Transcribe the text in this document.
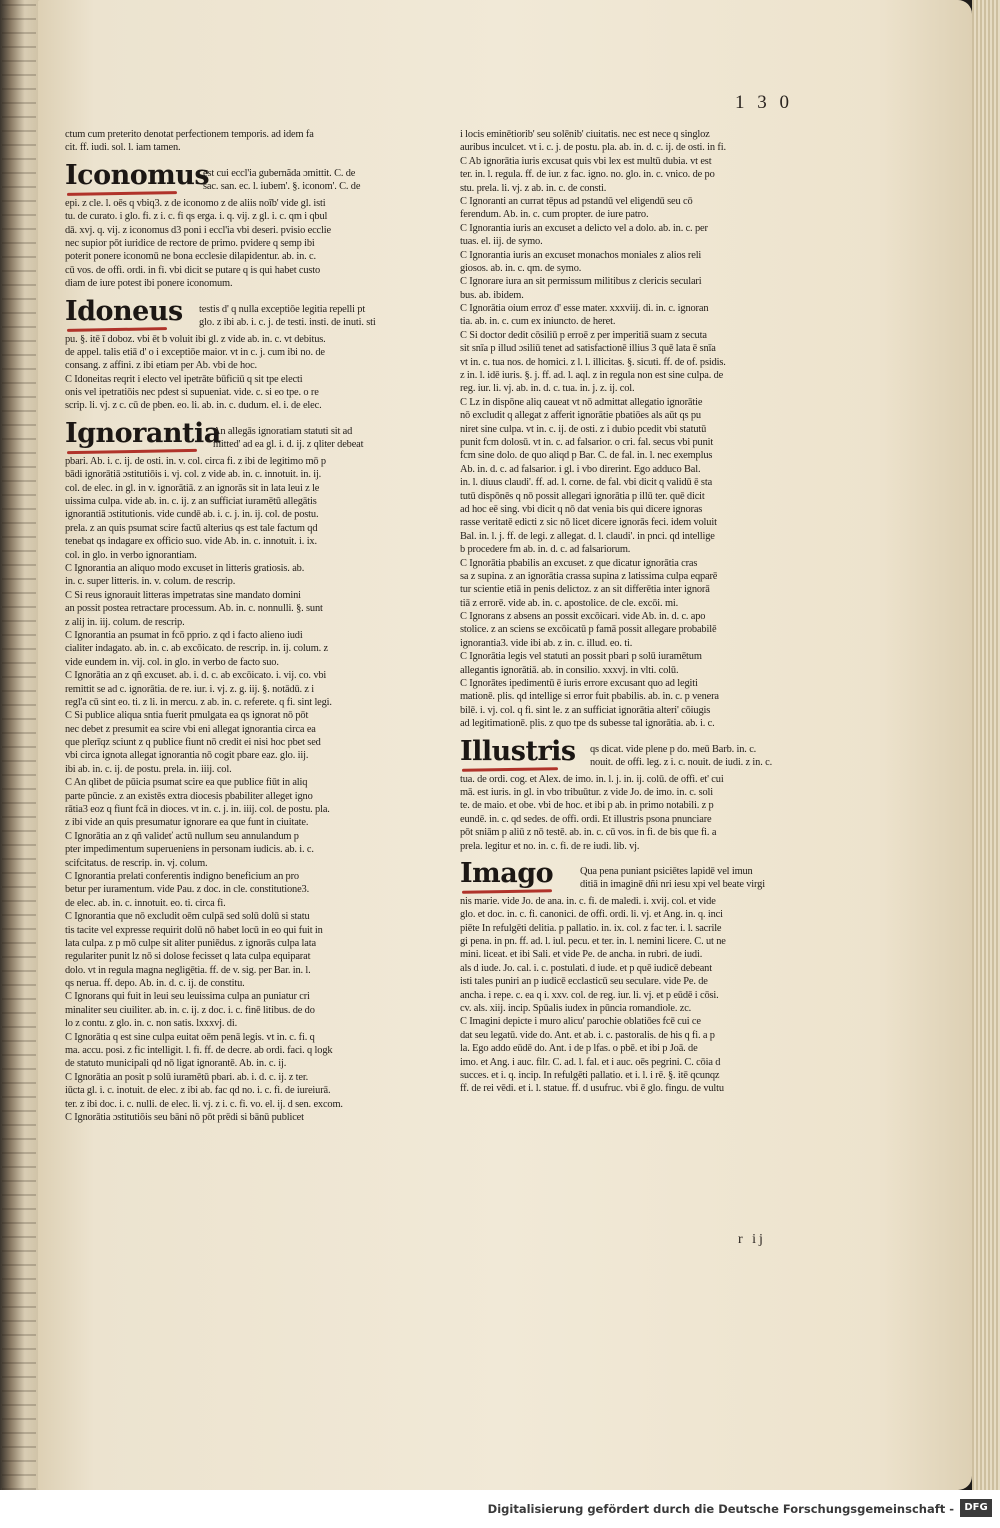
1 3 0
ctum cum preterito denotat perfectionem temporis. ad idem fa
cit. ff. iudi. sol. l. iam tamen.
Iconomus
est cui eccl'ia gubernãda ɔmittit. C. de
sac. san. ec. l. iubem'. §. iconom'. C. de
epi. z cle. l. oēs q vbiq3. z de iconomo z de aliis noīb' vide gl. isti
tu. de curato. i glo. fi. z i. c. fi qs erga. i. q. vij. z gl. i. c. qm i qbul
dā. xvj. q. vij. z iconomus d3 poni i eccl'ia vbi deseri. pvisio ecclie
nec supior pōt iuridice de rectore de primo. pvidere q semp ibi
poterit ponere iconomū ne bona ecclesie dilapidentur. ab. in. c.
cū vos. de offi. ordi. in fi. vbi dicit se putare q is qui habet custo
diam de iure potest ibi ponere iconomum.
Idoneus testis d' q nulla exceptiōe legitia repelli pt
glo. z ibi ab. i. c. j. de testi. insti. de inuti. sti
pu. §. itē ī doboz. vbi ēt b voluit ibi gl. z vide ab. in. c. vt debitus.
de appel. talis etiā d' o i exceptiōe maior. vt in c. j. cum ibi no. de
consang. z affini. z ibi etiam per Ab. vbi de hoc.
C Idoneitas reqrit i electo vel ipetrāte būficiū q sit tpe electi
onis vel ipetratiōis nec pdest si supueniat. vide. c. si eo tpe. o re
scrip. li. vj. z c. cū de pben. eo. li. ab. in. c. dudum. el. i. de elec.
Ignorantia
An allegās ignoratiam statuti sit ad
mitted' ad ea gl. i. d. ij. z qliter debeat
pbari. Ab. i. c. ij. de osti. in. v. col. circa fi. z ibi de legitimo mō p
bādi ignorātiā ɔstitutiōis i. vj. col. z vide ab. in. c. innotuit. in. ij.
col. de elec. in gl. in v. ignorātiā. z an ignorās sit in lata leui z le
uissima culpa. vide ab. in. c. ij. z an sufficiat iuramētū allegātis
ignorantiā ɔstitutionis. vide cundē ab. i. c. j. in. ij. col. de postu.
prela. z an quis psumat scire factū alterius qs est tale factum qd
tenebat qs indagare ex officio suo. vide Ab. in. c. innotuit. i. ix.
col. in glo. in verbo ignorantiam.
C Ignorantia an aliquo modo excuset in litteris gratiosis. ab.
in. c. super litteris. in. v. colum. de rescrip.
C Si reus ignorauit litteras impetratas sine mandato domini
an possit postea retractare processum. Ab. in. c. nonnulli. §. sunt
z alij in. iij. colum. de rescrip.
C Ignorantia an psumat in fcō pprio. z qd i facto alieno iudi
cialiter indagato. ab. in. c. ab excōicato. de rescrip. in. ij. colum. z
vide eundem in. vij. col. in glo. in verbo de facto suo.
C Ignorātia an z qñ excuset. ab. i. d. c. ab excōicato. i. vij. co. vbi
remittit se ad c. ignorātia. de re. iur. i. vj. z. g. iij. §. notādū. z i
regl'a cū sint eo. ti. z li. in mercu. z ab. in. c. referete. q fi. sint legi.
C Si publice aliqua sntia fuerit pmulgata ea qs ignorat nō pōt
nec debet z presumit ea scire vbi eni allegat ignorantia circa ea
que plerīqz sciunt z q publice fiunt nō credit ei nisi hoc pbet sed
vbi circa ignota allegat ignorantia nō cogit pbare eaz. glo. iij.
ibi ab. in. c. ij. de postu. prela. in. iiij. col.
C An qlibet de pūicia psumat scire ea que publice fiūt in aliq
parte pūncie. z an existēs extra diocesis pbabiliter alleget igno
rātia3 eoz q fiunt fcā in dioces. vt in. c. j. in. iiij. col. de postu. pla.
z ibi vide an quis presumatur ignorare ea que funt in ciuitate.
C Ignorātia an z qñ valideť actū nullum seu annulandum p
pter impedimentum superueniens in personam iudicis. ab. i. c.
scifcitatus. de rescrip. in. vj. colum.
C Ignorantia prelati conferentis indigno beneficium an pro
betur per iuramentum. vide Pau. z doc. in cle. constitutione3.
de elec. ab. in. c. innotuit. eo. ti. circa fi.
C Ignorantia que nō excludit oēm culpā sed solū dolū si statu
tis tacite vel expresse requirit dolū nō habet locū in eo qui fuit in
lata culpa. z p mō culpe sit aliter puniēdus. z ignorās culpa lata
regulariter punit lz nō si dolose fecisset q lata culpa equiparat
dolo. vt in regula magna negligētia. ff. de v. sig. per Bar. in. l.
qs nerua. ff. depo. Ab. in. d. c. ij. de constitu.
C Ignorans qui fuit in leui seu leuissima culpa an puniatur cri
minaliter seu ciuiliter. ab. in. c. ij. z doc. i. c. finē litibus. de do
lo z contu. z glo. in. c. non satis. lxxxvj. di.
C Ignorātia q est sine culpa euitat oēm penā legis. vt in. c. fi. q
ma. accu. posi. z fic intelligit. l. fi. ff. de decre. ab ordi. faci. q logk
de statuto municipali qd nō ligat ignorantē. Ab. in. c. ij.
C Ignorātia an posit p solū iuramētū pbari. ab. i. d. c. ij. z ter.
iūcta gl. i. c. inotuit. de elec. z ibi ab. fac qd no. i. c. fi. de iureiurā.
ter. z ibi doc. i. c. nulli. de elec. li. vj. z i. c. fi. vo. el. ij. d sen. excom.
C Ignorātia ɔstitutiōis seu bāni nō pōt prēdi si bānū publicet
i locis eminētiorib' seu solēnib' ciuitatis. nec est nece q singloz
auribus inculcet. vt i. c. j. de postu. pla. ab. in. d. c. ij. de osti. in fi.
C Ab ignorātia iuris excusat quis vbi lex est multū dubia. vt est
ter. in. l. regula. ff. de iur. z fac. igno. no. glo. in. c. vnico. de po
stu. prela. li. vj. z ab. in. c. de consti.
C Ignoranti an currat tēpus ad pstandū vel eligendū seu cō
ferendum. Ab. in. c. cum propter. de iure patro.
C Ignorantia iuris an excuset a delicto vel a dolo. ab. in. c. per
tuas. el. iij. de symo.
C Ignorantia iuris an excuset monachos moniales z alios reli
giosos. ab. in. c. qm. de symo.
C Ignorare iura an sit permissum militibus z clericis seculari
bus. ab. ibidem.
C Ignorātia oium erroz d' esse mater. xxxviij. di. in. c. ignoran
tia. ab. in. c. cum ex iniuncto. de heret.
C Si doctor dedit cōsiliū p erroē z per imperitiā suam z secuta
sit snīa p illud ɔsiliū tenet ad satisfactionē illius 3 quē lata ē snīa
vt in. c. tua nos. de homici. z l. l. illicitas. §. sicuti. ff. de of. psidis.
z in. l. idē iuris. §. j. ff. ad. l. aql. z in regula non est sine culpa. de
reg. iur. li. vj. ab. in. d. c. tua. in. j. z. ij. col.
C Lz in dispōne aliq caueat vt nō admittat allegatio ignorātie
nō excludit q allegat z afferit ignorātie pbatiōes als aūt qs pu
niret sine culpa. vt in. c. ij. de osti. z i dubio pcedit vbi statutū
punit fcm dolosū. vt in. c. ad falsarior. o cri. fal. secus vbi punit
fcm sine dolo. de quo aliqd p Bar. C. de fal. in. l. nec exemplus
Ab. in. d. c. ad falsarior. i gl. i vbo direrint. Ego adduco Bal.
in. l. diuus claudi'. ff. ad. l. corne. de fal. vbi dicit q validū ē sta
tutū dispōnēs q nō possit allegari ignorātia p illū ter. quē dicit
ad hoc eē sing. vbi dicit q nō dat venia bis qui dicere ignoras
rasse veritatē edicti z sic nō licet dicere ignorās feci. idem voluit
Bal. in. l. j. ff. de legi. z allegat. d. l. claudi'. in pnci. qd intellige
b procedere fm ab. in. d. c. ad falsariorum.
C Ignorātia pbabilis an excuset. z que dicatur ignorātia cras
sa z supina. z an ignorātia crassa supina z latissima culpa eqparē
tur scientie etiā in penis delictoz. z an sit differētia inter ignorā
tiā z errorē. vide ab. in. c. apostolice. de cle. excōi. mi.
C Ignorans z absens an possit excōicari. vide Ab. in. d. c. apo
stolice. z an sciens se excōicatū p famā possit allegare probabilē
ignorantia3. vide ibi ab. z in. c. illud. eo. ti.
C Ignorātia legis vel statuti an possit pbari p solū iuramētum
allegantis ignorātiā. ab. in consilio. xxxvj. in vlti. colū.
C Ignorātes ipedimentū ē iuris errore excusant quo ad legiti
mationē. plis. qd intellige si error fuit pbabilis. ab. in. c. p venera
bilē. i. vj. col. q fi. sint le. z an sufficiat ignorātia alteri' cōiugis
ad legitimationē. plis. z quo tpe ds subesse tal ignorātia. ab. i. c.
Illustris qs dicat. vide plene p do. meū Barb. in. c.
nouit. de offi. leg. z i. c. nouit. de iudi. z in. c.
tua. de ordi. cog. et Alex. de imo. in. l. j. in. ij. colū. de offi. et' cui
mā. est iuris. in gl. in vbo tribuūtur. z vide Jo. de imo. in. c. soli
te. de maio. et obe. vbi de hoc. et ibi p ab. in primo notabili. z p
eundē. in. c. qd sedes. de offi. ordi. Et illustris psona pnunciare
pōt sniām p aliū z nō testē. ab. in. c. cū vos. in fi. de bis que fi. a
prela. legitur et no. in. c. fi. de re iudi. lib. vj.
Imago	Qua pena puniant psiciētes lapidē vel imun
ditiā in imaginē dñi nri iesu xpi vel beate virgi
nis marie. vide Jo. de ana. in. c. fi. de maledi. i. xvij. col. et vide
glo. et doc. in. c. fi. canonici. de offi. ordi. li. vj. et Ang. in. q. inci
piēte In refulgēti delitia. p pallatio. in. ix. col. z fac ter. i. l. sacrile
gi pena. in pn. ff. ad. l. iul. pecu. et ter. in. l. nemini licere. C. ut ne
mini. liceat. et ibi Sali. et vide Pe. de ancha. in rubri. de iudi.
als d iude. Jo. cal. i. c. postulati. d iude. et p quē iudicē debeant
isti tales puniri an p iudicē ecclasticū seu seculare. vide Pe. de
ancha. i repe. c. ea q i. xxv. col. de reg. iur. li. vj. et p eūdē i cōsi.
cv. als. xiij. incip. Spūalis iudex in pūncia romandiole. zc.
C Imagini depicte i muro alicu' parochie oblatiōes fcē cui ce
dat seu legatū. vide do. Ant. et ab. i. c. pastoralis. de his q fi. a p
la. Ego addo eūdē do. Ant. i de p lfas. o pbē. et ibi p Joā. de
imo. et Ang. i auc. filr. C. ad. l. fal. et i auc. oēs pegrini. C. cōia d
succes. et i. q. incip. In refulgēti pallatio. et i. l. i rē. §. itē qcunqz
ff. de rei vēdi. et i. l. statue. ff. d usufruc. vbi ē glo. fingu. de vultu
r ij
Digitalisierung gefördert durch die Deutsche Forschungsgemeinschaft -	DFG
